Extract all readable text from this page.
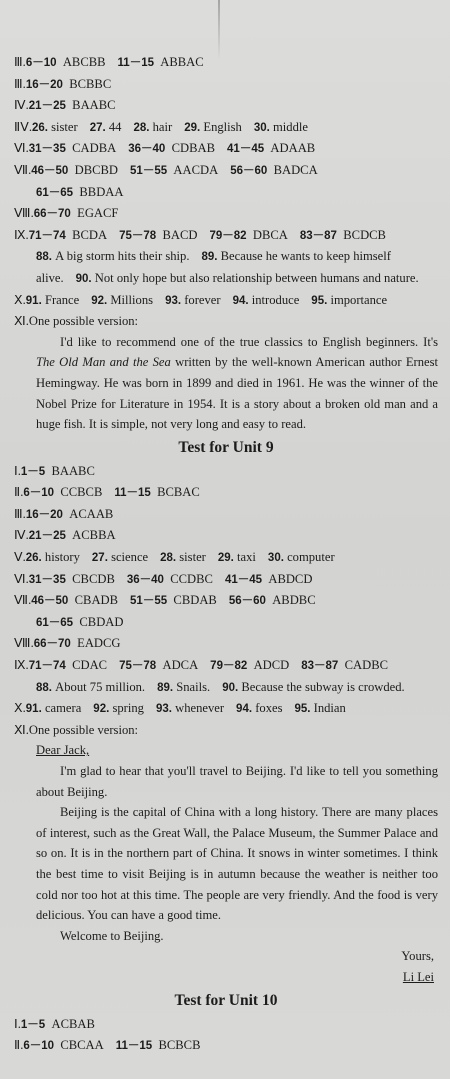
Ⅲ.6－10 ABCBB 11－15 ABBAC
Ⅲ.16－20 BCBBC
Ⅳ.21－25 BAABC
ⅡⅤ.26. sister 27. 44 28. hair 29. English 30. middle
Ⅵ.31－35 CADBA 36－40 CDBAB 41－45 ADAAB
Ⅶ.46－50 DBCBD 51－55 AACDA 56－60 BADCA
61－65 BBDAA
Ⅷ.66－70 EGACF
Ⅸ.71－74 BCDA 75－78 BACD 79－82 DBCA 83－87 BCDCB
88. A big storm hits their ship. 89. Because he wants to keep himself
alive. 90. Not only hope but also relationship between humans and nature.
Ⅹ.91. France 92. Millions 93. forever 94. introduce 95. importance
Ⅺ.One possible version:
I'd like to recommend one of the true classics to English beginners. It's The Old Man and the Sea written by the well-known American author Ernest Hemingway. He was born in 1899 and died in 1961. He was the winner of the Nobel Prize for Literature in 1954. It is a story about a broken old man and a huge fish. It is simple, not very long and easy to read.
Test for Unit 9
Ⅰ.1－5 BAABC
Ⅱ.6－10 CCBCB 11－15 BCBAC
Ⅲ.16－20 ACAAB
Ⅳ.21－25 ACBBA
Ⅴ.26. history 27. science 28. sister 29. taxi 30. computer
Ⅵ.31－35 CBCDB 36－40 CCDBC 41－45 ABDCD
Ⅶ.46－50 CBADB 51－55 CBDAB 56－60 ABDBC
61－65 CBDAD
Ⅷ.66－70 EADCG
Ⅸ.71－74 CDAC 75－78 ADCA 79－82 ADCD 83－87 CADBC
88. About 75 million. 89. Snails. 90. Because the subway is crowded.
Ⅹ.91. camera 92. spring 93. whenever 94. foxes 95. Indian
Ⅺ.One possible version:
Dear Jack,
I'm glad to hear that you'll travel to Beijing. I'd like to tell you something about Beijing.
Beijing is the capital of China with a long history. There are many places of interest, such as the Great Wall, the Palace Museum, the Summer Palace and so on. It is in the northern part of China. It snows in winter sometimes. I think the best time to visit Beijing is in autumn because the weather is neither too cold nor too hot at this time. The people are very friendly. And the food is very delicious. You can have a good time.
Welcome to Beijing.
Yours,
Li Lei
Test for Unit 10
Ⅰ.1－5 ACBAB
Ⅱ.6－10 CBCAA 11－15 BCBCB
